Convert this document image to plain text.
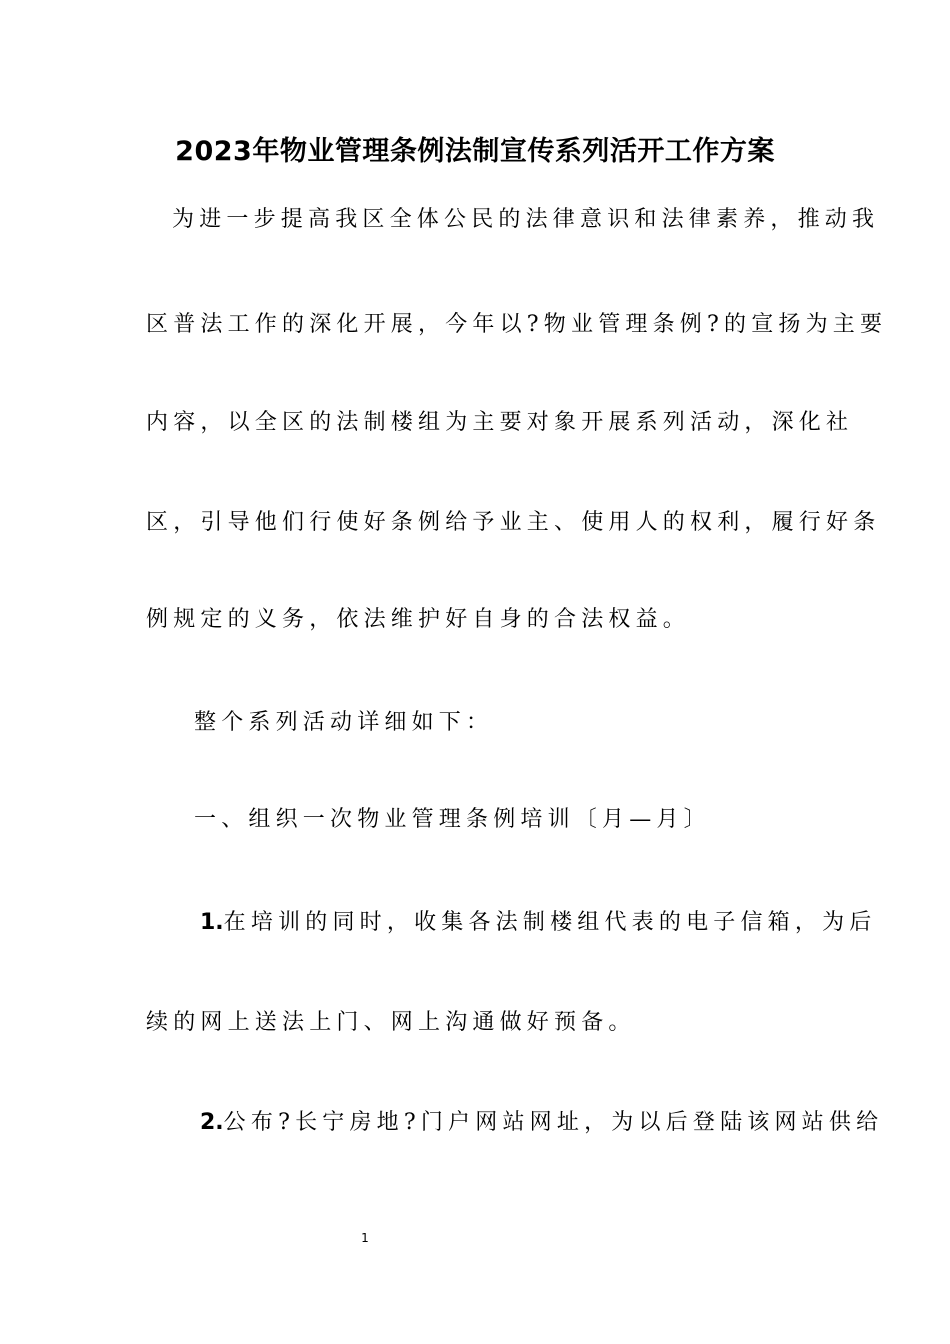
2023年物业管理条例法制宣传系列活开工作方案
为进一步提高我区全体公民的法律意识和法律素养，推动我
区普法工作的深化开展，今年以?物业管理条例?的宣扬为主要
内容，以全区的法制楼组为主要对象开展系列活动，深化社
区，引导他们行使好条例给予业主、使用人的权利，履行好条
例规定的义务，依法维护好自身的合法权益。
整个系列活动详细如下：
一、组织一次物业管理条例培训〔月—月〕
1.在培训的同时，收集各法制楼组代表的电子信箱，为后
续的网上送法上门、网上沟通做好预备。
2.公布?长宁房地?门户网站网址，为以后登陆该网站供给
1
